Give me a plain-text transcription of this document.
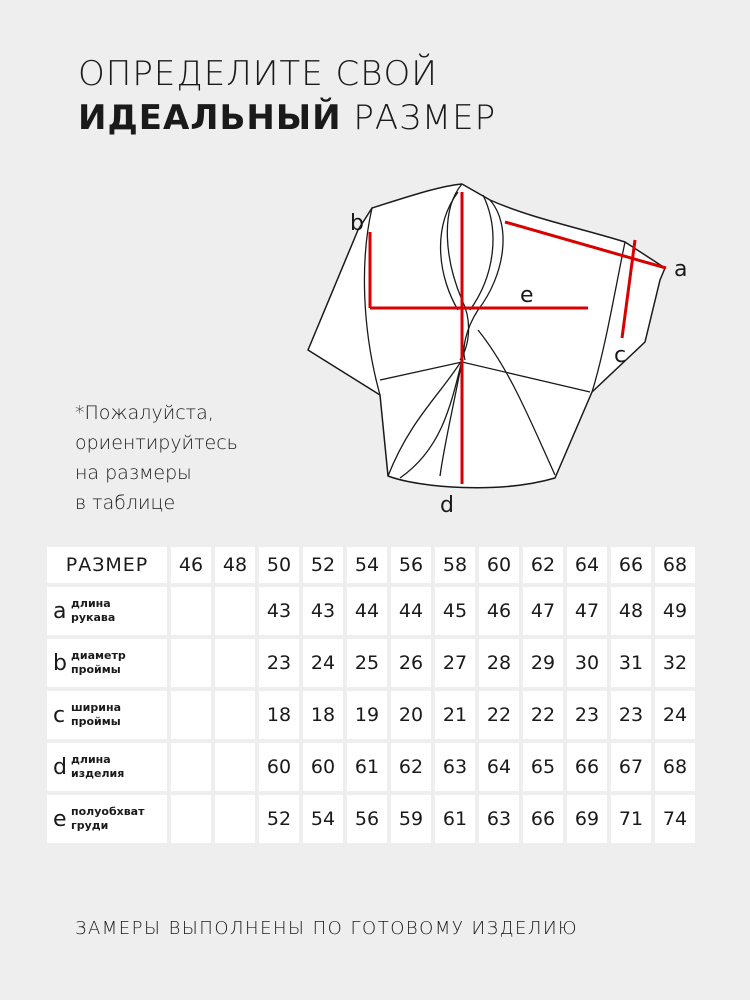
ОПРЕДЕЛИТЕ СВОЙ
ИДЕАЛЬНЫЙ РАЗМЕР
b
a
e
c
d
*Пожалуйста,
ориентируйтесь
на размеры
в таблице
РАЗМЕР	46	48	50	52	54	56	58	60	62	64	66	68
a длина
рукава			43	43	44	44	45	46	47	47	48	49
b диаметр
проймы			23	24	25	26	27	28	29	30	31	32
c ширина
проймы			18	18	19	20	21	22	22	23	23	24
d длина
изделия			60	60	61	62	63	64	65	66	67	68
e полуобхват
груди			52	54	56	59	61	63	66	69	71	74
ЗАМЕРЫ ВЫПОЛНЕНЫ ПО ГОТОВОМУ ИЗДЕЛИЮ
